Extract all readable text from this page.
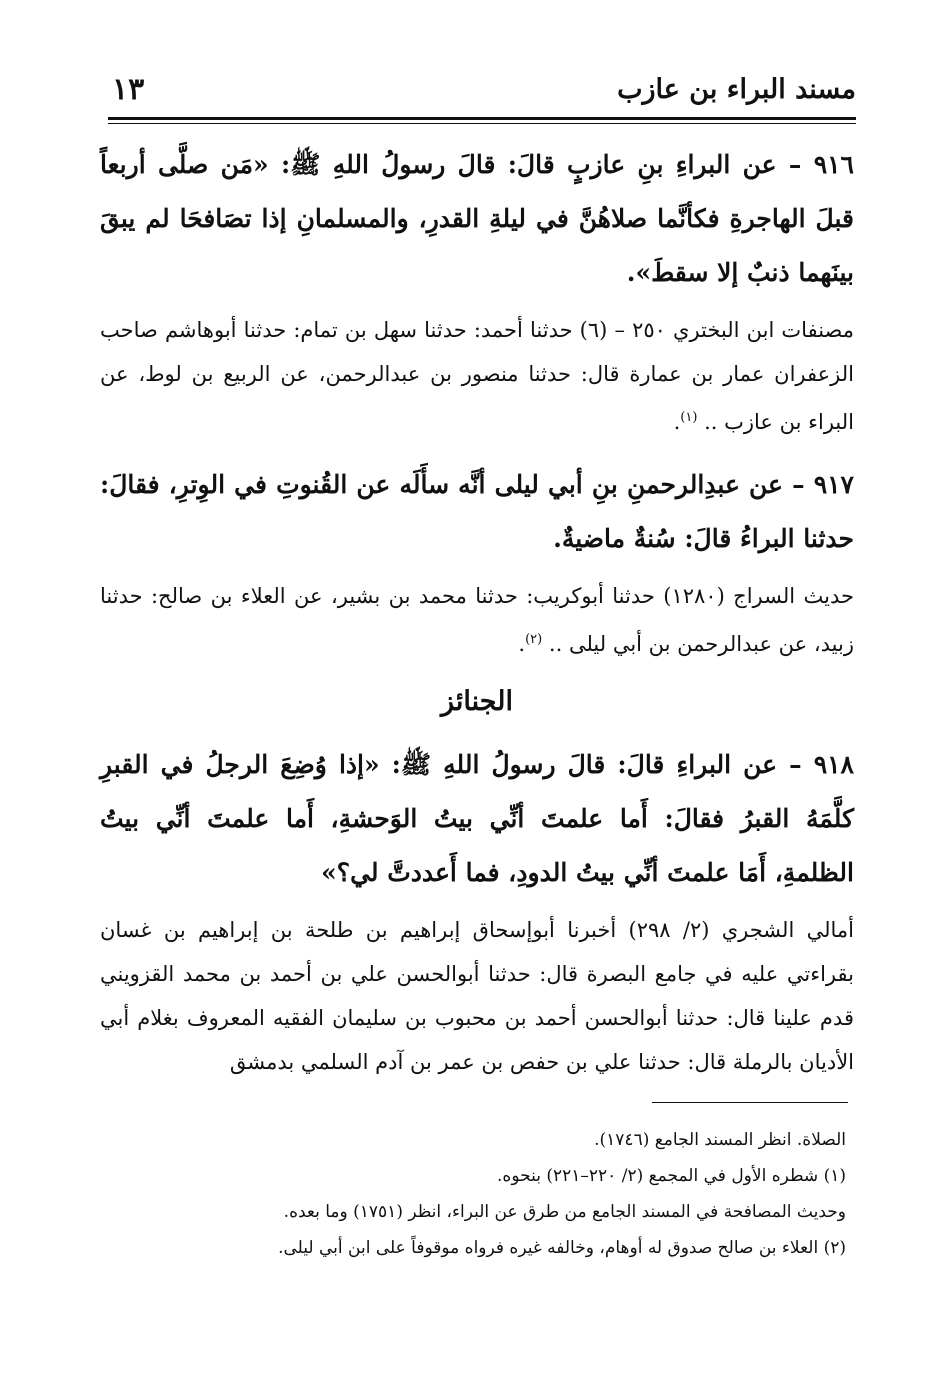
مسند البراء بن عازب
١٣

٩١٦ – عن البراءِ بنِ عازبٍ قالَ: قالَ رسولُ اللهِ ﷺ: «مَن صلَّى أربعاً قبلَ الهاجرةِ فكأنَّما صلاهُنَّ في ليلةِ القدرِ، والمسلمانِ إذا تصَافحَا لم يبقَ بينَهما ذنبٌ إلا سقطَ».

مصنفات ابن البختري ٢٥٠ – (٦) حدثنا أحمد: حدثنا سهل بن تمام: حدثنا أبوهاشم صاحب الزعفران عمار بن عمارة قال: حدثنا منصور بن عبدالرحمن، عن الربيع بن لوط، عن البراء بن عازب .. $^{(١)}$.

٩١٧ – عن عبدِالرحمنِ بنِ أبي ليلى أنَّه سأَلَه عن القُنوتِ في الوِترِ، فقالَ: حدثنا البراءُ قالَ: سُنةٌ ماضيةٌ.

حديث السراج (١٢٨٠) حدثنا أبوكريب: حدثنا محمد بن بشير، عن العلاء بن صالح: حدثنا زبيد، عن عبدالرحمن بن أبي ليلى .. $^{(٢)}$.

الجنائز

٩١٨ – عن البراءِ قالَ: قالَ رسولُ اللهِ ﷺ: «إذا وُضِعَ الرجلُ في القبرِ كلَّمَهُ القبرُ فقالَ: أَما علمتَ أنِّي بيتُ الوَحشةِ، أَما علمتَ أنِّي بيتُ الظلمةِ، أَمَا علمتَ أنِّي بيتُ الدودِ، فما أَعددتَّ لي؟»

أمالي الشجري (٢/ ٢٩٨) أخبرنا أبوإسحاق إبراهيم بن طلحة بن إبراهيم بن غسان بقراءتي عليه في جامع البصرة قال: حدثنا أبوالحسن علي بن أحمد بن محمد القزويني قدم علينا قال: حدثنا أبوالحسن أحمد بن محبوب بن سليمان الفقيه المعروف بغلام أبي الأديان بالرملة قال: حدثنا علي بن حفص بن عمر بن آدم السلمي بدمشق

الصلاة. انظر المسند الجامع (١٧٤٦).
(١) شطره الأول في المجمع (٢/ ٢٢٠–٢٢١) بنحوه.
وحديث المصافحة في المسند الجامع من طرق عن البراء، انظر (١٧٥١) وما بعده.
(٢) العلاء بن صالح صدوق له أوهام، وخالفه غيره فرواه موقوفاً على ابن أبي ليلى.
